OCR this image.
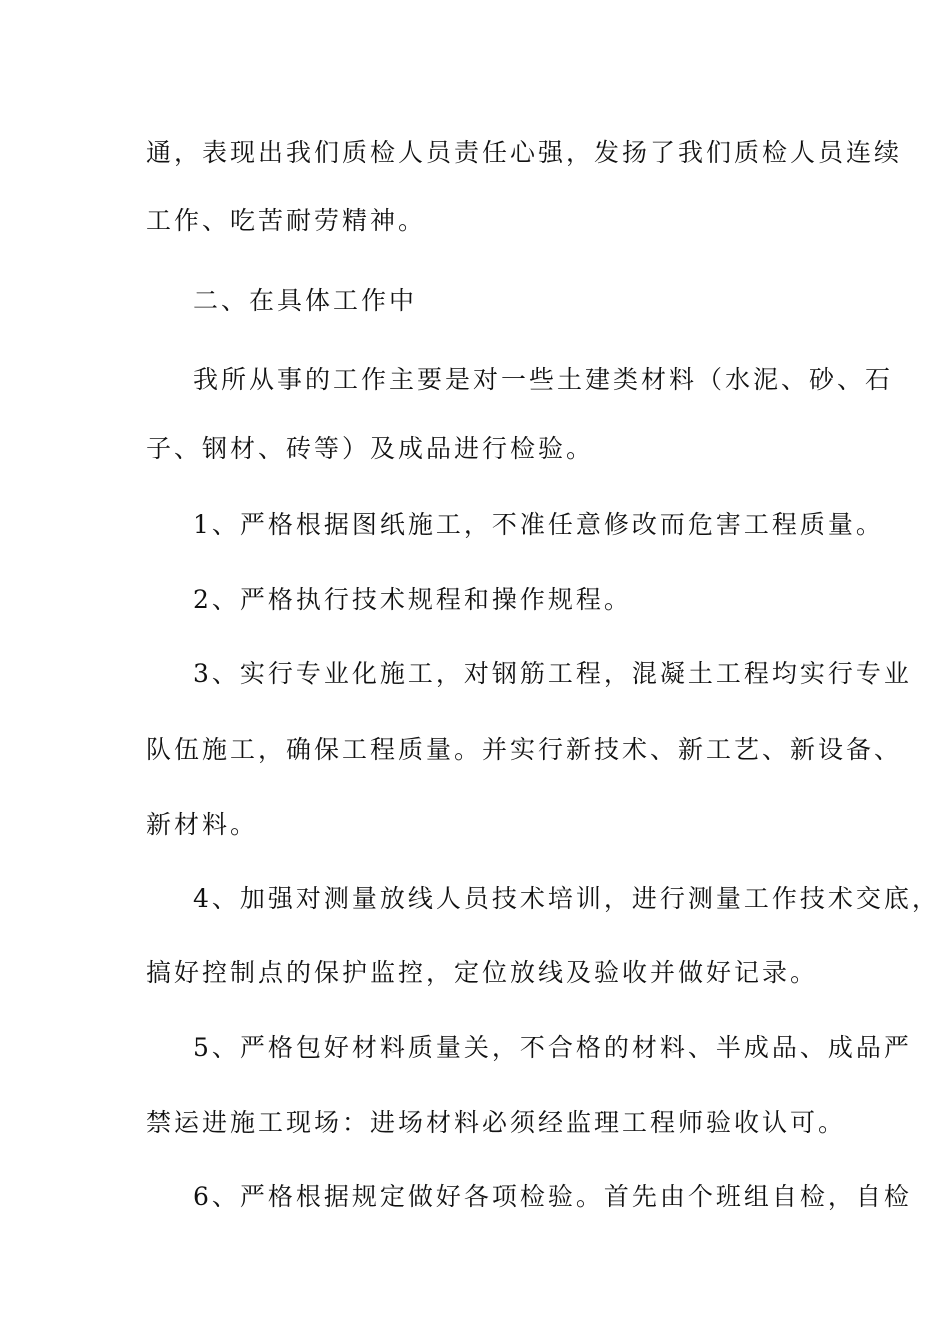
通，表现出我们质检人员责任心强，发扬了我们质检人员连续
工作、吃苦耐劳精神。
二、在具体工作中
我所从事的工作主要是对一些土建类材料（水泥、砂、石
子、钢材、砖等）及成品进行检验。
1、严格根据图纸施工，不准任意修改而危害工程质量。
2、严格执行技术规程和操作规程。
3、实行专业化施工，对钢筋工程，混凝土工程均实行专业
队伍施工，确保工程质量。并实行新技术、新工艺、新设备、
新材料。
4、加强对测量放线人员技术培训，进行测量工作技术交底，
搞好控制点的保护监控，定位放线及验收并做好记录。
5、严格包好材料质量关，不合格的材料、半成品、成品严
禁运进施工现场：进场材料必须经监理工程师验收认可。
6、严格根据规定做好各项检验。首先由个班组自检，自检
